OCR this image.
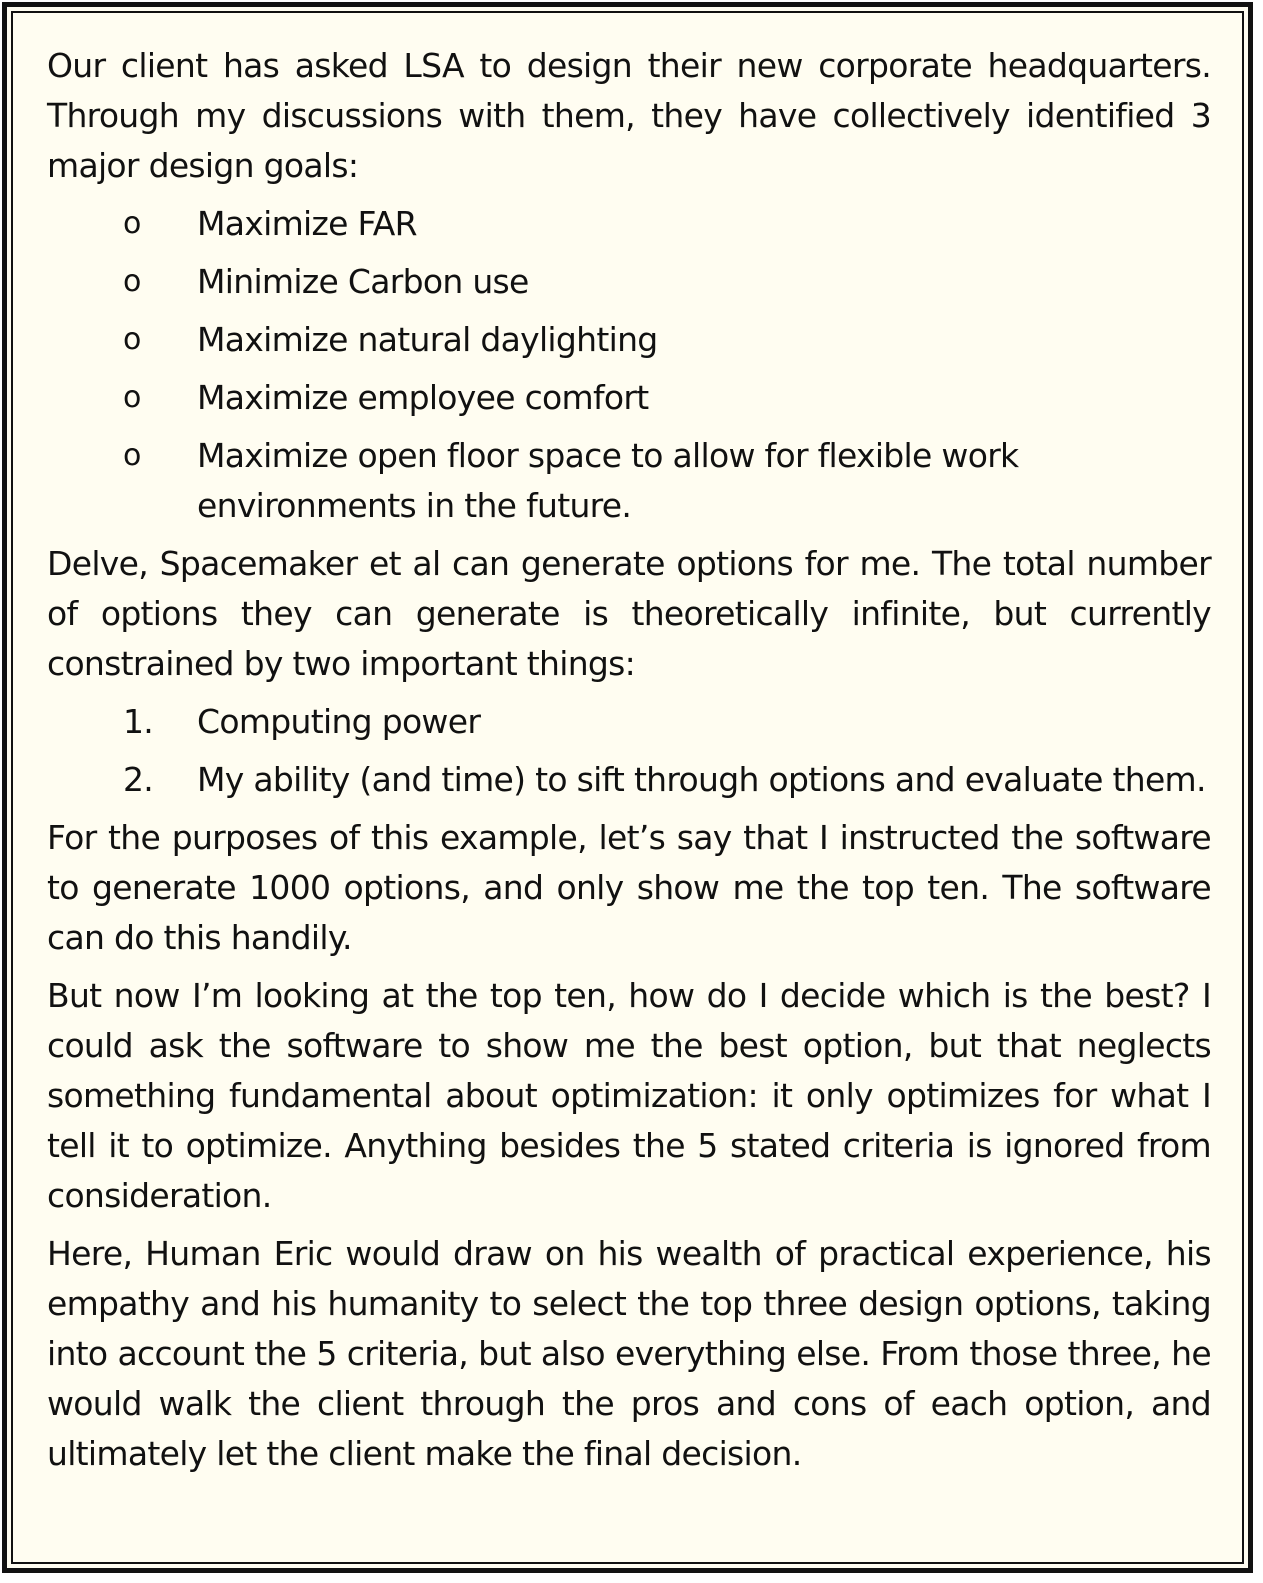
Our client has asked LSA to design their new corporate headquarters. Through my discussions with them, they have collectively identified 3 major design goals:

o Maximize FAR
o Minimize Carbon use
o Maximize natural daylighting
o Maximize employee comfort
o Maximize open floor space to allow for flexible work environments in the future.

Delve, Spacemaker et al can generate options for me. The total number of options they can generate is theoretically infinite, but currently constrained by two important things:

1. Computing power
2. My ability (and time) to sift through options and evaluate them.

For the purposes of this example, let’s say that I instructed the software to generate 1000 options, and only show me the top ten. The software can do this handily.

But now I’m looking at the top ten, how do I decide which is the best? I could ask the software to show me the best option, but that neglects something fundamental about optimization: it only optimizes for what I tell it to optimize. Anything besides the 5 stated criteria is ignored from consideration.

Here, Human Eric would draw on his wealth of practical experience, his empathy and his humanity to select the top three design options, taking into account the 5 criteria, but also everything else. From those three, he would walk the client through the pros and cons of each option, and ultimately let the client make the final decision.
